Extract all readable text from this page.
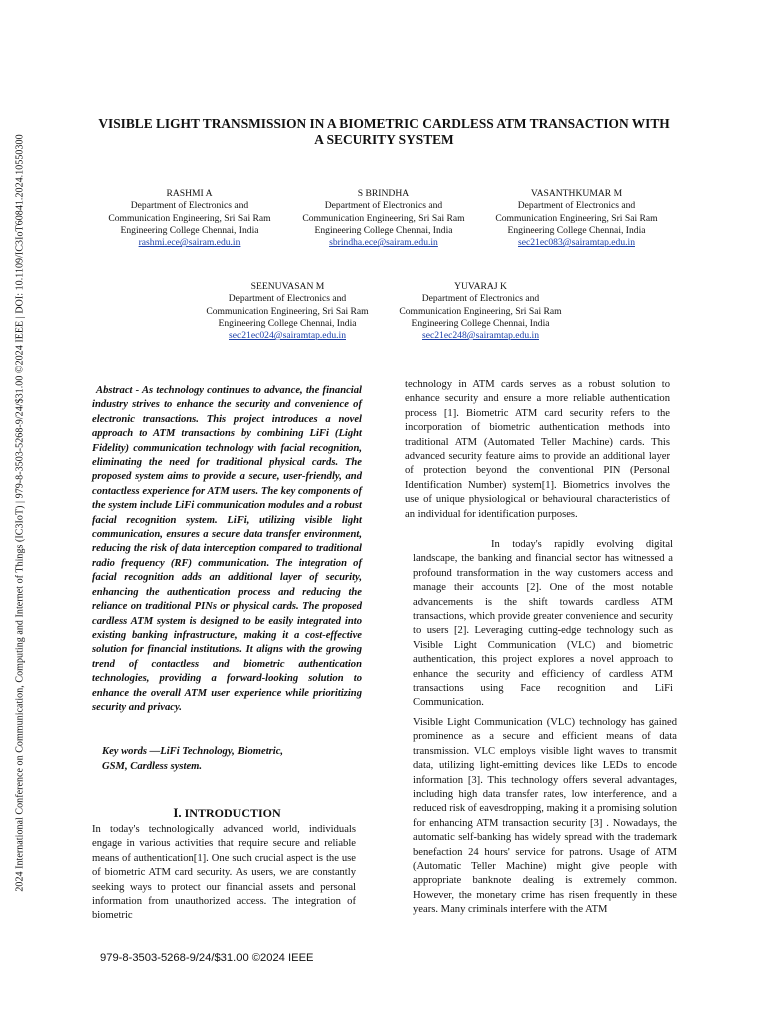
2024 International Conference on Communication, Computing and Internet of Things (IC3IoT) | 979-8-3503-5268-9/24/$31.00 ©2024 IEEE | DOI: 10.1109/IC3IoT60841.2024.10550300
VISIBLE LIGHT TRANSMISSION IN A BIOMETRIC CARDLESS ATM TRANSACTION WITH
A SECURITY SYSTEM
RASHMI A
Department of Electronics and
Communication Engineering, Sri Sai Ram
Engineering College Chennai, India
rashmi.ece@sairam.edu.in
S BRINDHA
Department of Electronics and
Communication Engineering, Sri Sai Ram
Engineering College Chennai, India
sbrindha.ece@sairam.edu.in
VASANTHKUMAR M
Department of Electronics and
Communication Engineering, Sri Sai Ram
Engineering College Chennai, India
sec21ec083@sairamtap.edu.in
SEENUVASAN M
Department of Electronics and
Communication Engineering, Sri Sai Ram
Engineering College Chennai, India
sec21ec024@sairamtap.edu.in
YUVARAJ K
Department of Electronics and
Communication Engineering, Sri Sai Ram
Engineering College Chennai, India
sec21ec248@sairamtap.edu.in

Abstract - As technology continues to advance, the financial industry strives to enhance the security and convenience of electronic transactions. This project introduces a novel approach to ATM transactions by combining LiFi (Light Fidelity) communication technology with facial recognition, eliminating the need for traditional physical cards. The proposed system aims to provide a secure, user-friendly, and contactless experience for ATM users. The key components of the system include LiFi communication modules and a robust facial recognition system. LiFi, utilizing visible light communication, ensures a secure data transfer environment, reducing the risk of data interception compared to traditional radio frequency (RF) communication. The integration of facial recognition adds an additional layer of security, enhancing the authentication process and reducing the reliance on traditional PINs or physical cards. The proposed cardless ATM system is designed to be easily integrated into existing banking infrastructure, making it a cost-effective solution for financial institutions. It aligns with the growing trend of contactless and biometric authentication technologies, providing a forward-looking solution to enhance the overall ATM user experience while prioritizing security and privacy.

Key words —LiFi Technology, Biometric,
GSM, Cardless system.
I. INTRODUCTION

In today's technologically advanced world, individuals engage in various activities that require secure and reliable means of authentication[1]. One such crucial aspect is the use of biometric ATM card security. As users, we are constantly seeking ways to protect our financial assets and personal information from unauthorized access. The integration of biometric

technology in ATM cards serves as a robust solution to enhance security and ensure a more reliable authentication process [1]. Biometric ATM card security refers to the incorporation of biometric authentication methods into traditional ATM (Automated Teller Machine) cards. This advanced security feature aims to provide an additional layer of protection beyond the conventional PIN (Personal Identification Number) system[1]. Biometrics involves the use of unique physiological or behavioural characteristics of an individual for identification purposes.

In today's rapidly evolving digital landscape, the banking and financial sector has witnessed a profound transformation in the way customers access and manage their accounts [2]. One of the most notable advancements is the shift towards cardless ATM transactions, which provide greater convenience and security to users [2]. Leveraging cutting-edge technology such as Visible Light Communication (VLC) and biometric authentication, this project explores a novel approach to enhance the security and efficiency of cardless ATM transactions using Face recognition and LiFi Communication.

Visible Light Communication (VLC) technology has gained prominence as a secure and efficient means of data transmission. VLC employs visible light waves to transmit data, utilizing light-emitting devices like LEDs to encode information [3]. This technology offers several advantages, including high data transfer rates, low interference, and a reduced risk of eavesdropping, making it a promising solution for enhancing ATM transaction security [3] . Nowadays, the automatic self-banking has widely spread with the trademark benefaction 24 hours' service for patrons. Usage of ATM (Automatic Teller Machine) might give people with appropriate banknote dealing is extremely common. However, the monetary crime has risen frequently in these years. Many criminals interfere with the ATM

979-8-3503-5268-9/24/$31.00 ©2024 IEEE
